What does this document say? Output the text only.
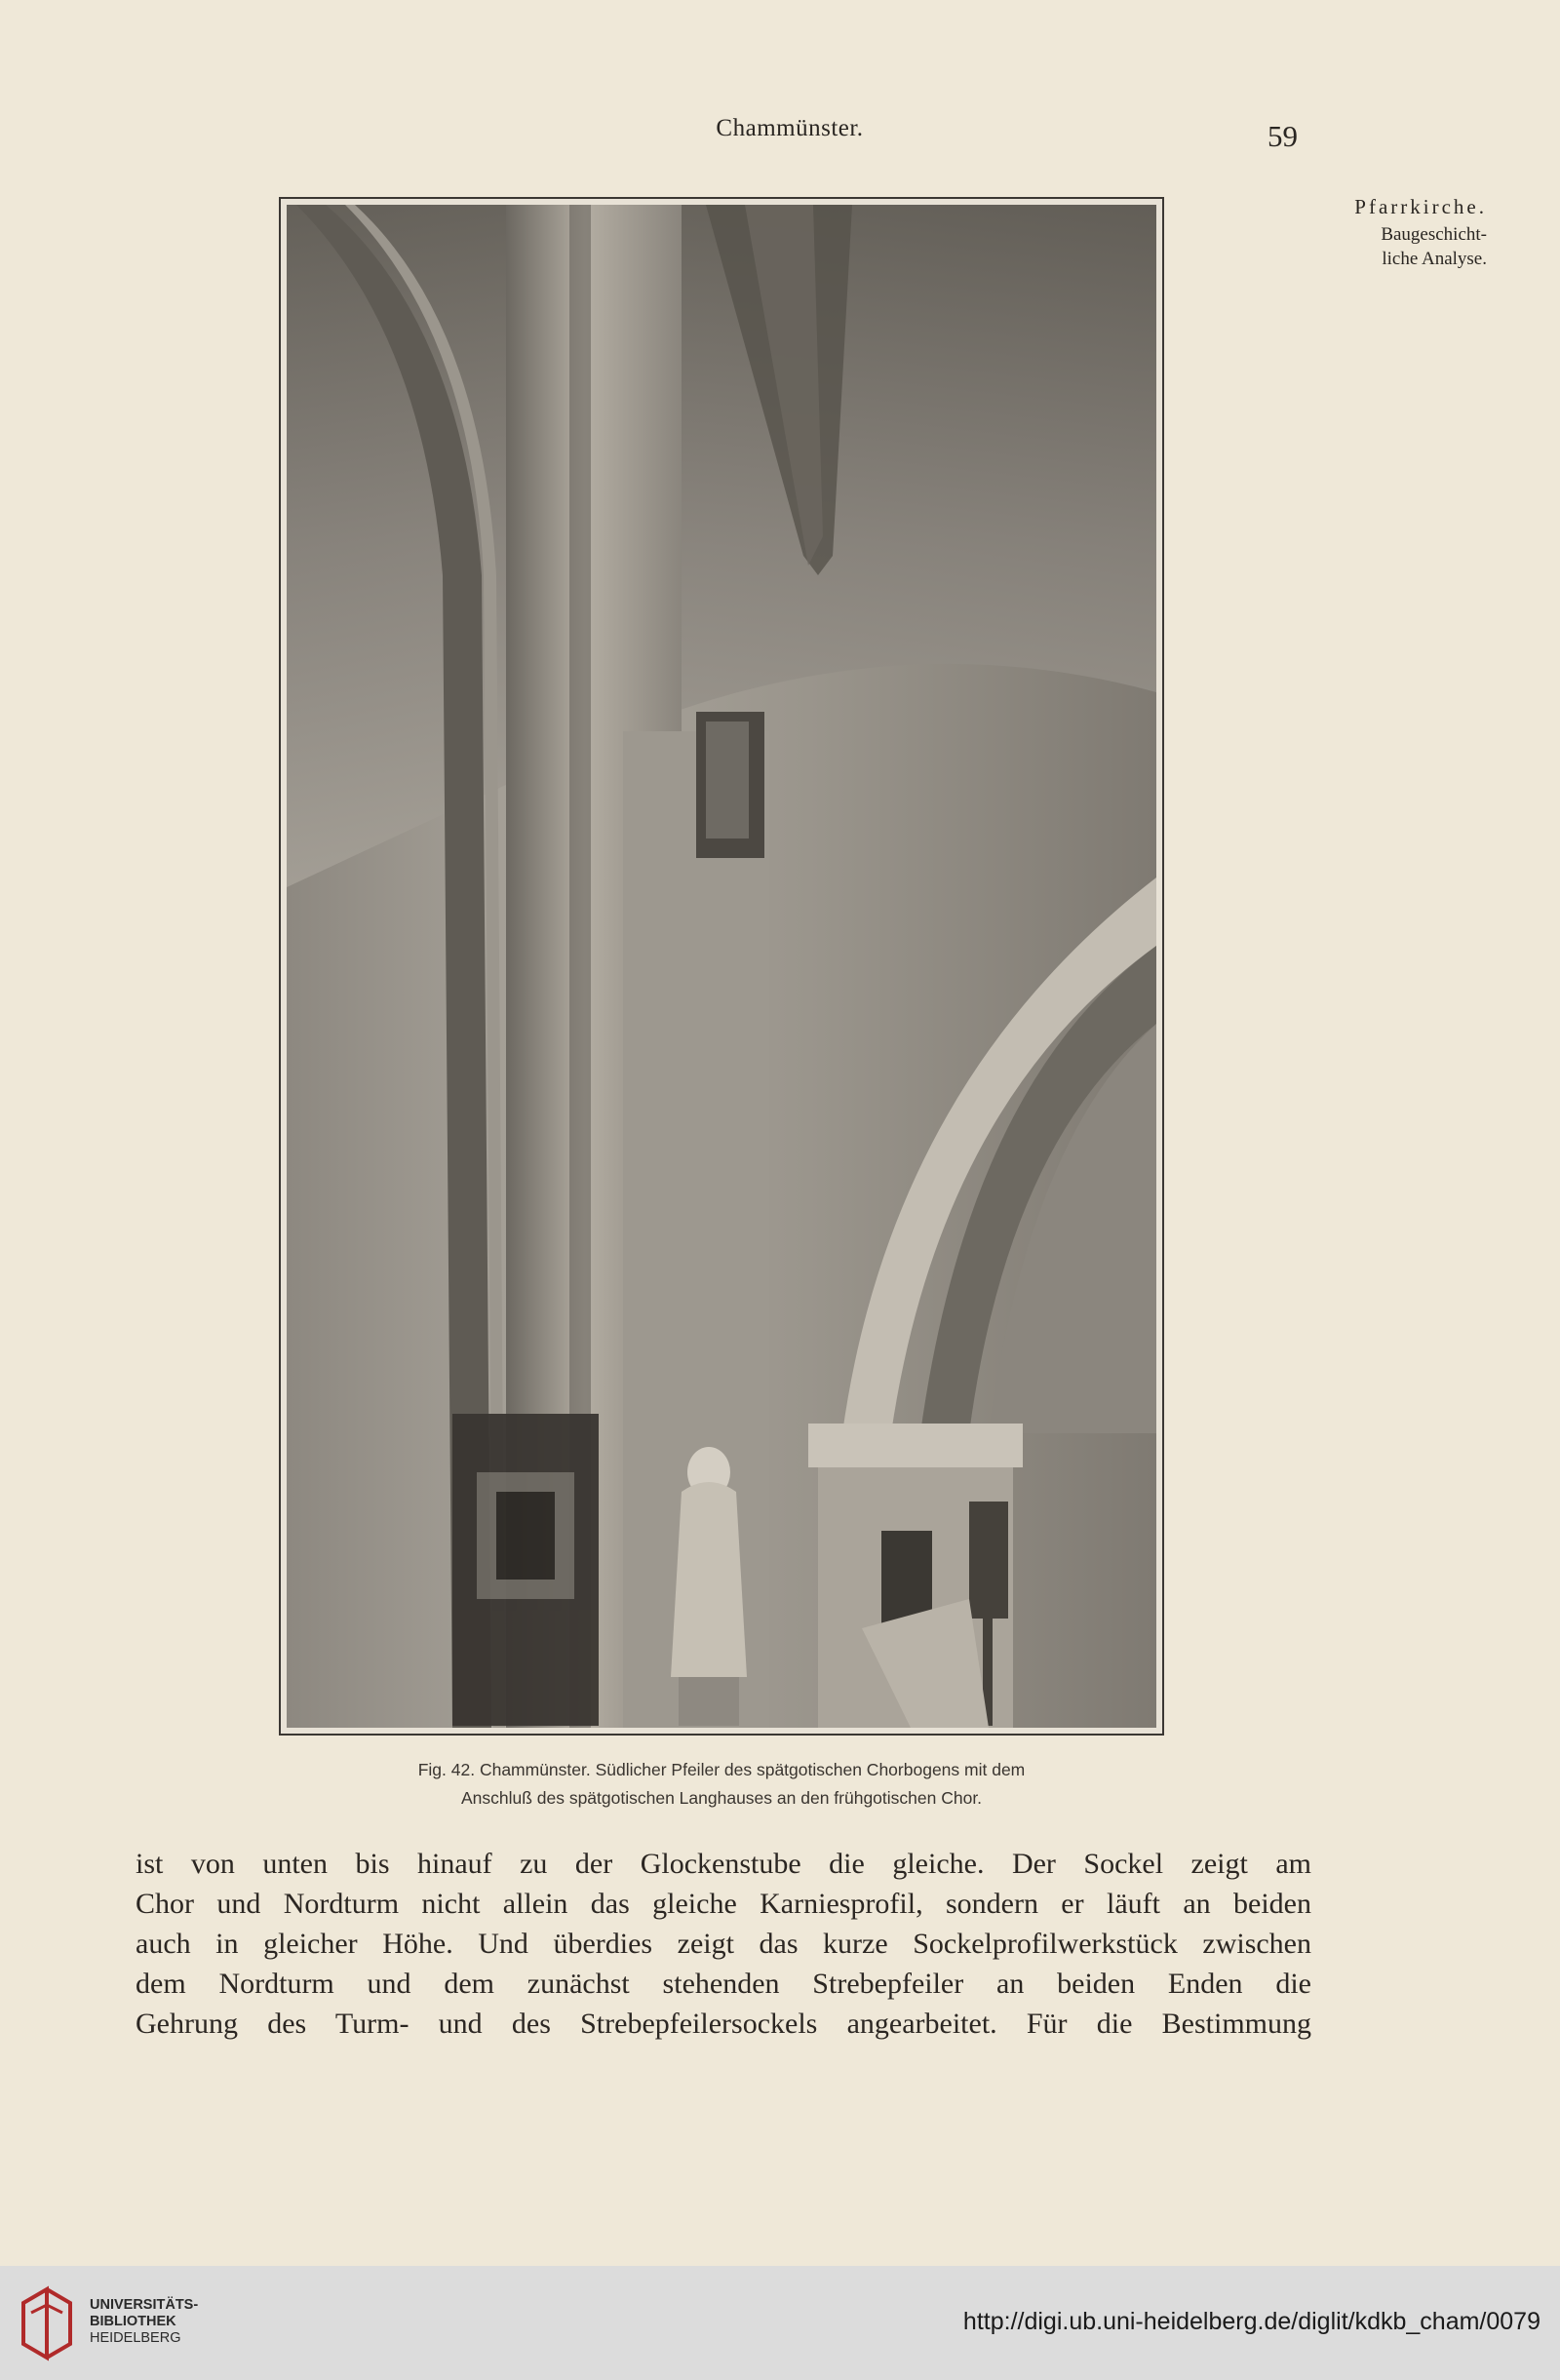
Chammünster.	59
Pfarrkirche.
Baugeschicht-
liche Analyse.
Fig. 42. Chammünster. Südlicher Pfeiler des spätgotischen Chorbogens mit dem
Anschluß des spätgotischen Langhauses an den frühgotischen Chor.
ist von unten bis hinauf zu der Glockenstube die gleiche. Der Sockel zeigt am
Chor und Nordturm nicht allein das gleiche Karniesprofil, sondern er läuft an beiden
auch in gleicher Höhe. Und überdies zeigt das kurze Sockelprofilwerkstück zwischen
dem Nordturm und dem zunächst stehenden Strebepfeiler an beiden Enden die
Gehrung des Turm- und des Strebepfeilersockels angearbeitet. Für die Bestimmung
UNIVERSITÄTS-
BIBLIOTHEK
HEIDELBERG
http://digi.ub.uni-heidelberg.de/diglit/kdkb_cham/0079
